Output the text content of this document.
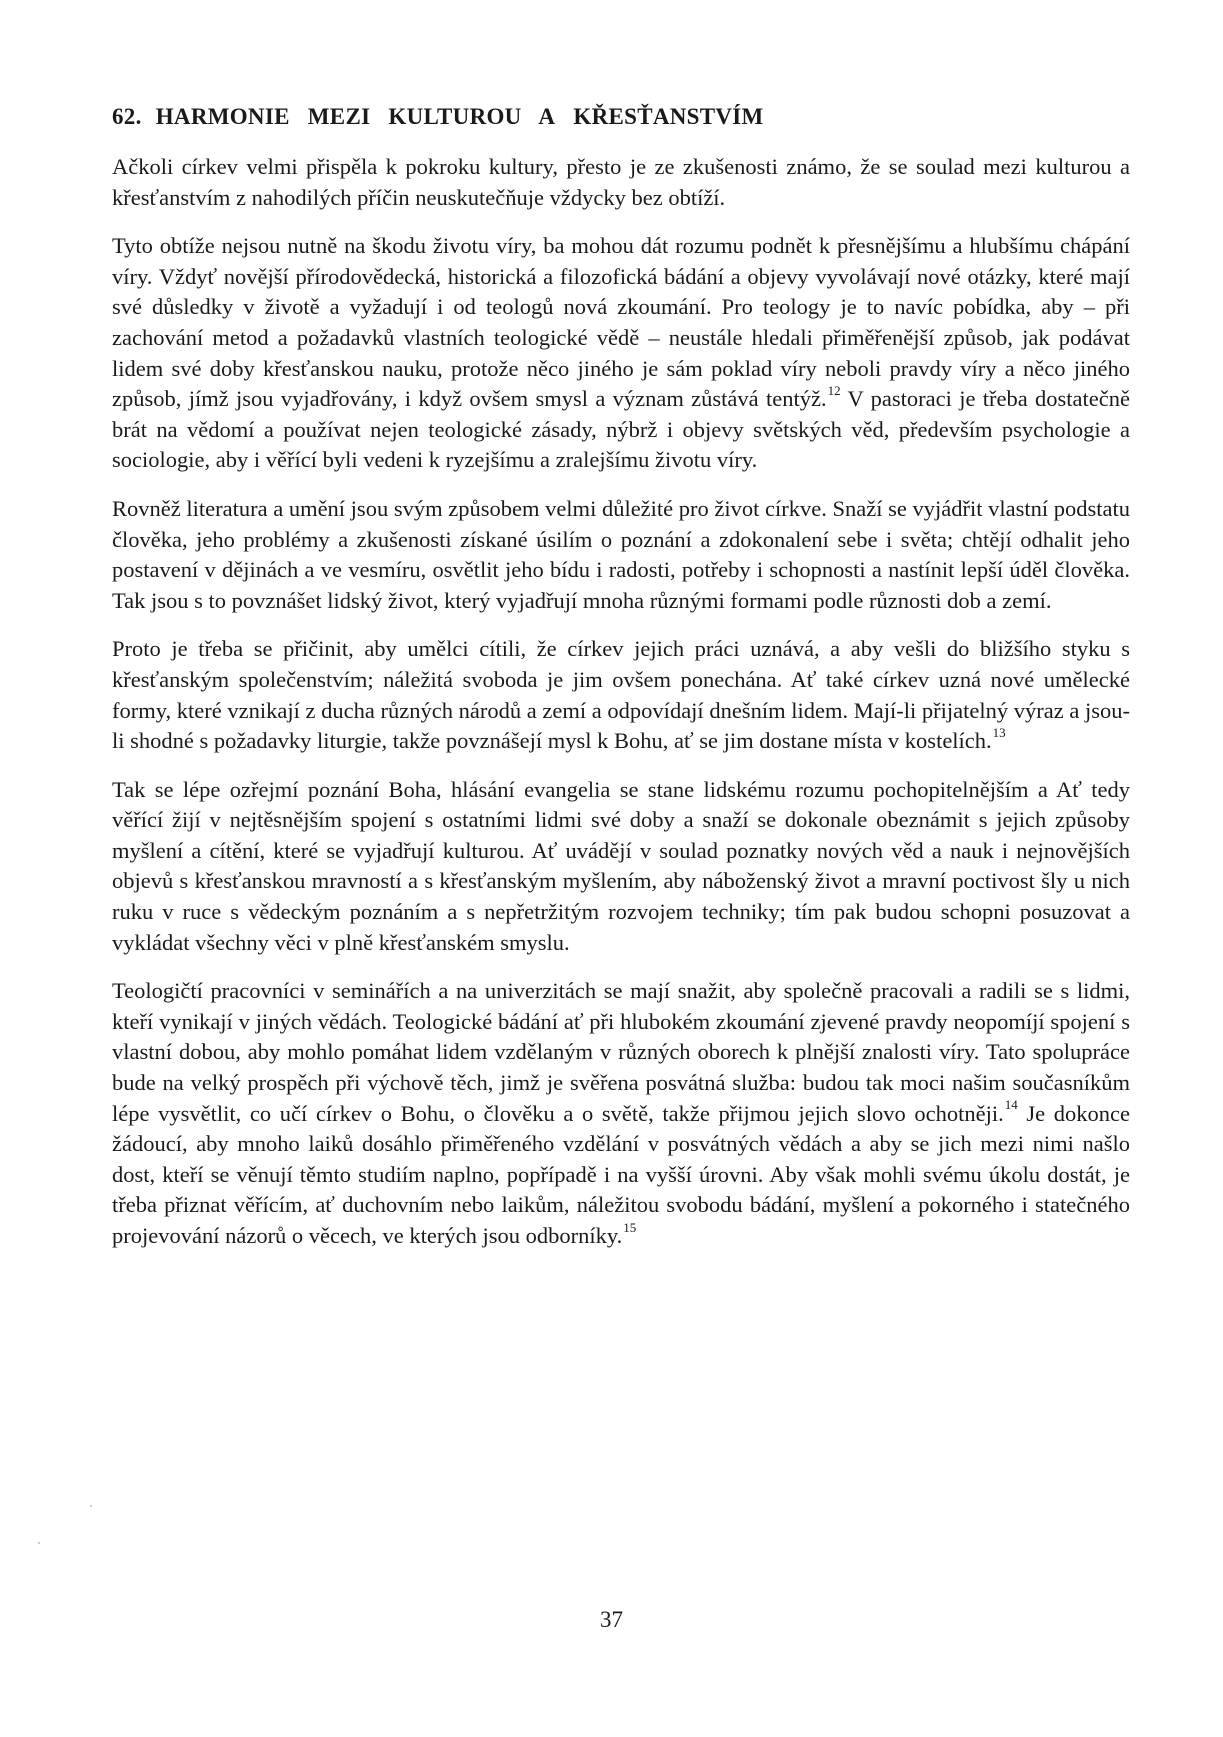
62. HARMONIE MEZI KULTUROU A KŘESŤANSTVÍM

Ačkoli církev velmi přispěla k pokroku kultury, přesto je ze zkušenosti známo, že se soulad mezi kulturou a křesťanstvím z nahodilých příčin neuskutečňuje vždycky bez obtíží.

Tyto obtíže nejsou nutně na škodu životu víry, ba mohou dát rozumu podnět k přesnějšímu a hlubšímu chápání víry. Vždyť novější přírodovědecká, historická a filozofická bádání a objevy vyvolávají nové otázky, které mají své důsledky v životě a vyžadují i od teologů nová zkoumání. Pro teology je to navíc pobídka, aby – při zachování metod a požadavků vlastních teologické vědě – neustále hledali přiměřenější způsob, jak podávat lidem své doby křesťanskou nauku, protože něco jiného je sám poklad víry neboli pravdy víry a něco jiného způsob, jímž jsou vyjadřovány, i když ovšem smysl a význam zůstává tentýž.$^{12}$ V pastoraci je třeba dostatečně brát na vědomí a používat nejen teologické zásady, nýbrž i objevy světských věd, především psychologie a sociologie, aby i věřící byli vedeni k ryzejšímu a zralejšímu životu víry.

Rovněž literatura a umění jsou svým způsobem velmi důležité pro život církve. Snaží se vyjádřit vlastní podstatu člověka, jeho problémy a zkušenosti získané úsilím o poznání a zdokonalení sebe i světa; chtějí odhalit jeho postavení v dějinách a ve vesmíru, osvětlit jeho bídu i radosti, potřeby i schopnosti a nastínit lepší úděl člověka. Tak jsou s to povznášet lidský život, který vyjadřují mnoha různými formami podle různosti dob a zemí.

Proto je třeba se přičinit, aby umělci cítili, že církev jejich práci uznává, a aby vešli do bližšího styku s křesťanským společenstvím; náležitá svoboda je jim ovšem ponechána. Ať také církev uzná nové umělecké formy, které vznikají z ducha různých národů a zemí a odpovídají dnešním lidem. Mají-li přijatelný výraz a jsou-li shodné s požadavky liturgie, takže povznášejí mysl k Bohu, ať se jim dostane místa v kostelích.$^{13}$

Tak se lépe ozřejmí poznání Boha, hlásání evangelia se stane lidskému rozumu pochopitelnějším a Ať tedy věřící žijí v nejtěsnějším spojení s ostatními lidmi své doby a snaží se dokonale obeznámit s jejich způsoby myšlení a cítění, které se vyjadřují kulturou. Ať uvádějí v soulad poznatky nových věd a nauk i nejnovějších objevů s křesťanskou mravností a s křesťanským myšlením, aby náboženský život a mravní poctivost šly u nich ruku v ruce s vědeckým poznáním a s nepřetržitým rozvojem techniky; tím pak budou schopni posuzovat a vykládat všechny věci v plně křesťanském smyslu.

Teologičtí pracovníci v seminářích a na univerzitách se mají snažit, aby společně pracovali a radili se s lidmi, kteří vynikají v jiných vědách. Teologické bádání ať při hlubokém zkoumání zjevené pravdy neopomíjí spojení s vlastní dobou, aby mohlo pomáhat lidem vzdělaným v různých oborech k plnější znalosti víry. Tato spolupráce bude na velký prospěch při výchově těch, jimž je svěřena posvátná služba: budou tak moci našim současníkům lépe vysvětlit, co učí církev o Bohu, o člověku a o světě, takže přijmou jejich slovo ochotněji.$^{14}$ Je dokonce žádoucí, aby mnoho laiků dosáhlo přiměřeného vzdělání v posvátných vědách a aby se jich mezi nimi našlo dost, kteří se věnují těmto studiím naplno, popřípadě i na vyšší úrovni. Aby však mohli svému úkolu dostát, je třeba přiznat věřícím, ať duchovním nebo laikům, náležitou svobodu bádání, myšlení a pokorného i statečného projevování názorů o věcech, ve kterých jsou odborníky.$^{15}$

37
